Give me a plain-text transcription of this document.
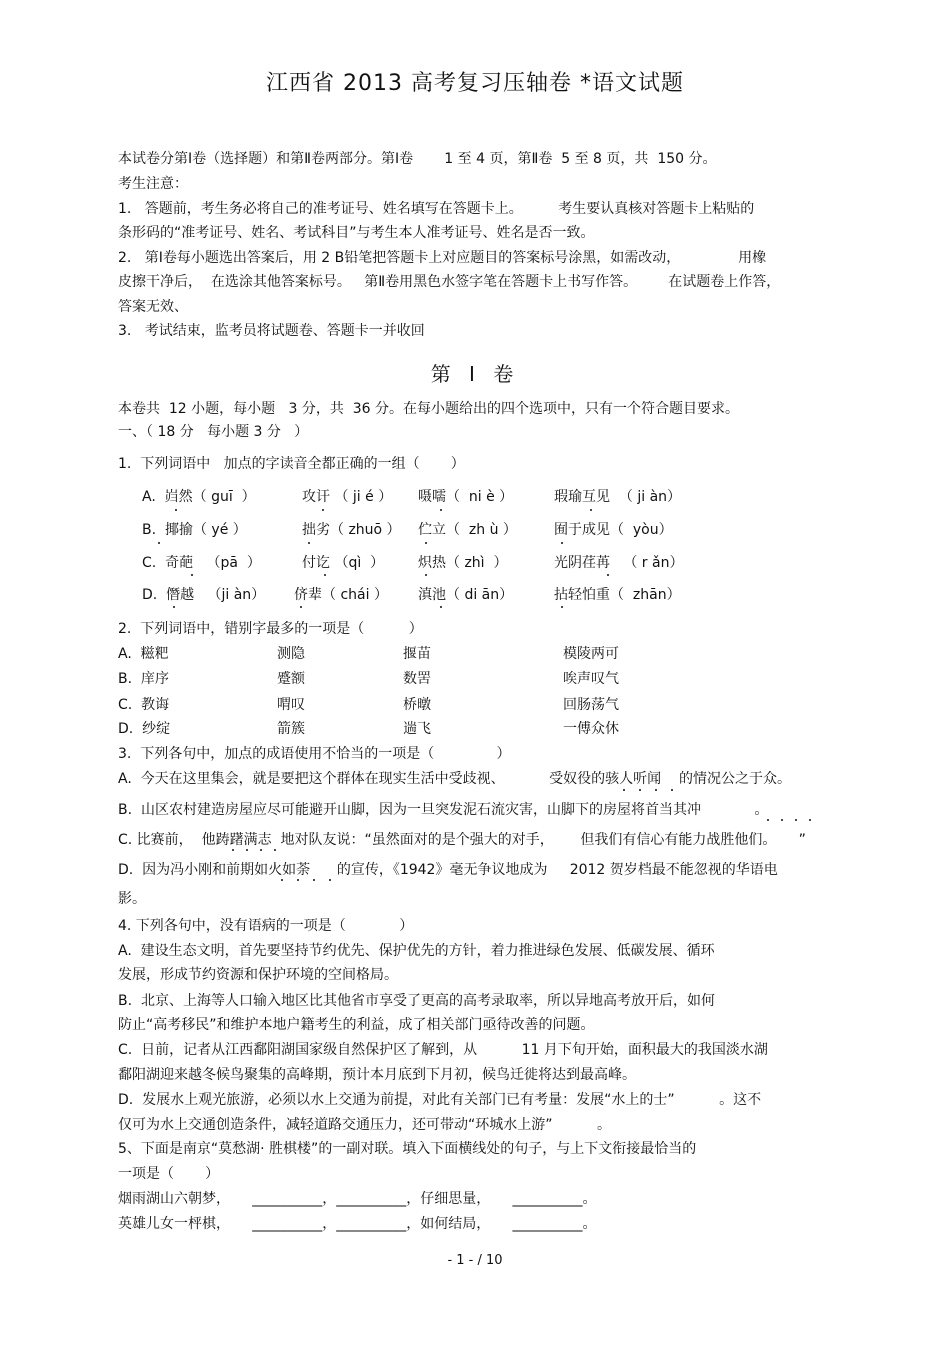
江西省 2013 高考复习压轴卷 *语文试题
本试卷分第Ⅰ卷（选择题）和第Ⅱ卷两部分。第Ⅰ卷       1 至 4 页，第Ⅱ卷  5 至 8 页，共  150 分。
考生注意：
1.   答题前，考生务必将自己的准考证号、姓名填写在答题卡上。        考生要认真核对答题卡上粘贴的
条形码的“准考证号、姓名、考试科目”与考生本人准考证号、姓名是否一致。
2.   第Ⅰ卷每小题选出答案后，用 2 B铅笔把答题卡上对应题目的答案标号涂黑，如需改动，             用橡
皮擦干净后，  在选涂其他答案标号。   第Ⅱ卷用黑色水签字笔在答题卡上书写作答。       在试题卷上作答，
答案无效、
3.   考试结束，监考员将试题卷、答题卡一并收回
第 Ⅰ 卷
本卷共  12 小题，每小题   3 分，共  36 分。在每小题给出的四个选项中，只有一个符合题目要求。
一、（ 18 分   每小题 3 分   ）
1.  下列词语中   加点的字读音全都正确的一组（       ）
A.  岿然（ guī  ）	攻讦 （ ji é ） 嗫嚅（  ni è ）	瑕瑜互见  （ ji àn）
B.  揶揄（ yé ）	拙劣（ zhuō ） 伫立（  zh ù ）	囿于成见（  yòu）
C.  奇葩   （pā  ）	付讫 （qì  ） 炽热（ zhì  ）	光阴荏苒   （ r ǎn）
D.  僭越   （ji àn） 侪辈（ chái ） 滇池（ di ān）	拈轻怕重（  zhān）
2.  下列词语中，错别字最多的一项是（          ）
A.  糍粑	测隐	揠苗	模陵两可
B.  庠序	蹙额	数罟	唉声叹气
C.  教诲	喟叹	桥暾	回肠荡气
D.  纱绽	箭簇	遄飞	一傅众休
3.  下列各句中，加点的成语使用不恰当的一项是（              ）
A.  今天在这里集会，就是要把这个群体在现实生活中受歧视、          受奴役的骇人听闻    的情况公之于众。
B.  山区农村建造房屋应尽可能避开山脚，因为一旦突发泥石流灾害，山脚下的房屋将首当其冲            。
C. 比赛前，  他踌躇满志  地对队友说：“虽然面对的是个强大的对手，      但我们有信心有能力战胜他们。     ”
D.  因为冯小刚和前期如火如荼      的宣传，《1942》毫无争议地成为     2012 贺岁档最不能忽视的华语电
影。
4. 下列各句中，没有语病的一项是（            ）
A.  建设生态文明，首先要坚持节约优先、保护优先的方针，着力推进绿色发展、低碳发展、循环
发展，形成节约资源和保护环境的空间格局。
B.  北京、上海等人口输入地区比其他省市享受了更高的高考录取率，所以异地高考放开后，如何
防止“高考移民”和维护本地户籍考生的利益，成了相关部门亟待改善的问题。
C.  日前，记者从江西鄱阳湖国家级自然保护区了解到，从          11 月下旬开始，面积最大的我国淡水湖
鄱阳湖迎来越冬候鸟聚集的高峰期，预计本月底到下月初，候鸟迁徙将达到最高峰。
D.  发展水上观光旅游，必须以水上交通为前提，对此有关部门已有考量：发展“水上的士”          。这不
仅可为水上交通创造条件，减轻道路交通压力，还可带动“环城水上游”          。
5、下面是南京“莫愁湖· 胜棋楼”的一副对联。填入下面横线处的句子，与上下文衔接最恰当的
一项是（       ）
烟雨湖山六朝梦，     __________，__________，仔细思量，     __________。
英雄儿女一枰棋，     __________，__________，如何结局，     __________。
- 1 - / 10
